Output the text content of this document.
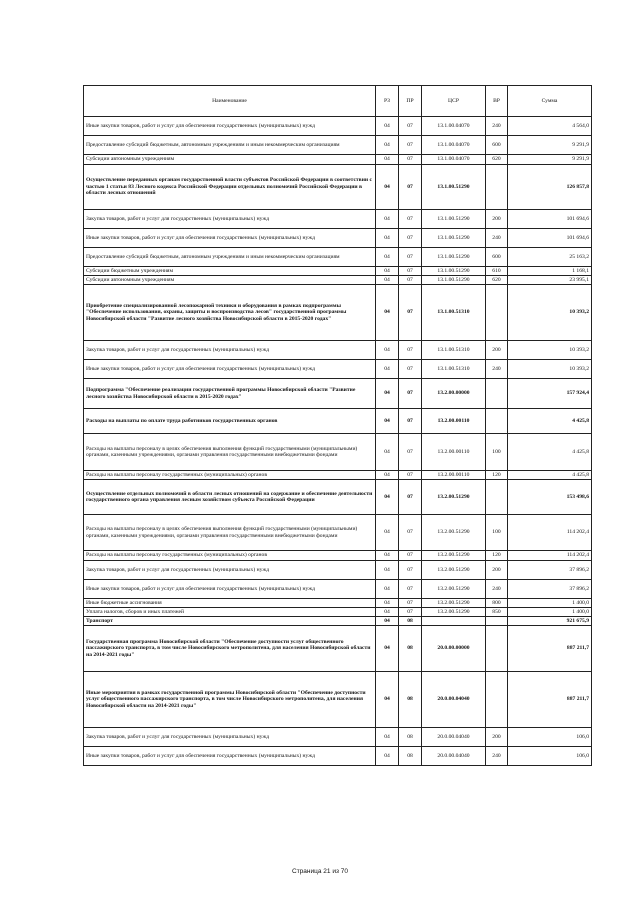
Наименование	РЗ	ПР	ЦСР	ВР	Сумма
Иные закупки товаров, работ и услуг для обеспечения государственных (муниципальных) нужд	04	07	13.1.00.04070	240	4 564,0
Предоставление субсидий бюджетным, автономным учреждениям и иным некоммерческим организациям	04	07	13.1.00.04070	600	9 291,9
Субсидии автономным учреждениям	04	07	13.1.00.04070	620	9 291,9
Осуществление переданных органам государственной власти субъектов Российской Федерации в соответствии с частью 1 статьи 83 Лесного кодекса Российской Федерации отдельных полномочий Российской Федерации в области лесных отношений	04	07	13.1.00.51290		126 857,8
Закупка товаров, работ и услуг для государственных (муниципальных) нужд	04	07	13.1.00.51290	200	101 694,6
Иные закупки товаров, работ и услуг для обеспечения государственных (муниципальных) нужд	04	07	13.1.00.51290	240	101 694,6
Предоставление субсидий бюджетным, автономным учреждениям и иным некоммерческим организациям	04	07	13.1.00.51290	600	25 163,2
Субсидии бюджетным учреждениям	04	07	13.1.00.51290	610	1 168,1
Субсидии автономным учреждениям	04	07	13.1.00.51290	620	23 995,1
Приобретение специализированной лесопожарной техники и оборудования в рамках подпрограммы "Обеспечение использования, охраны, защиты и воспроизводства лесов" государственной программы Новосибирской области "Развитие лесного хозяйства Новосибирской области в 2015-2020 годах"	04	07	13.1.00.51310		10 393,2
Закупка товаров, работ и услуг для государственных (муниципальных) нужд	04	07	13.1.00.51310	200	10 393,2
Иные закупки товаров, работ и услуг для обеспечения государственных (муниципальных) нужд	04	07	13.1.00.51310	240	10 393,2
Подпрограмма "Обеспечение реализации государственной программы Новосибирской области "Развитие лесного хозяйства Новосибирской области в 2015-2020 годах"	04	07	13.2.00.00000		157 924,4
Расходы на выплаты по оплате труда работников государственных органов	04	07	13.2.00.00110		4 425,8
Расходы на выплаты персоналу в целях обеспечения выполнения функций государственными (муниципальными) органами, казенными учреждениями, органами управления государственными внебюджетными фондами	04	07	13.2.00.00110	100	4 425,8
Расходы на выплаты персоналу государственных (муниципальных) органов	04	07	13.2.00.00110	120	4 425,8
Осуществление отдельных полномочий в области лесных отношений на содержание и обеспечение деятельности государственного органа управления лесным хозяйством субъекта Российской Федерации	04	07	13.2.00.51290		153 498,6
Расходы на выплаты персоналу в целях обеспечения выполнения функций государственными (муниципальными) органами, казенными учреждениями, органами управления государственными внебюджетными фондами	04	07	13.2.00.51290	100	114 202,4
Расходы на выплаты персоналу государственных (муниципальных) органов	04	07	13.2.00.51290	120	114 202,4
Закупка товаров, работ и услуг для государственных (муниципальных) нужд	04	07	13.2.00.51290	200	37 896,2
Иные закупки товаров, работ и услуг для обеспечения государственных (муниципальных) нужд	04	07	13.2.00.51290	240	37 896,2
Иные бюджетные ассигнования	04	07	13.2.00.51290	800	1 400,0
Уплата налогов, сборов и иных платежей	04	07	13.2.00.51290	850	1 400,0
Транспорт	04	08			921 675,9
Государственная программа Новосибирской области "Обеспечение доступности услуг общественного пассажирского транспорта, в том числе Новосибирского метрополитена, для населения Новосибирской области на 2014-2021 годы"	04	08	20.0.00.00000		887 211,7
Иные мероприятия в рамках государственной программы Новосибирской области "Обеспечение доступности услуг общественного пассажирского транспорта, в том числе Новосибирского метрополитена, для населения Новосибирской области на 2014-2021 годы"	04	08	20.0.00.04040		887 211,7
Закупка товаров, работ и услуг для государственных (муниципальных) нужд	04	08	20.0.00.04040	200	106,0
Иные закупки товаров, работ и услуг для обеспечения государственных (муниципальных) нужд	04	08	20.0.00.04040	240	106,0
Страница 21 из 70
